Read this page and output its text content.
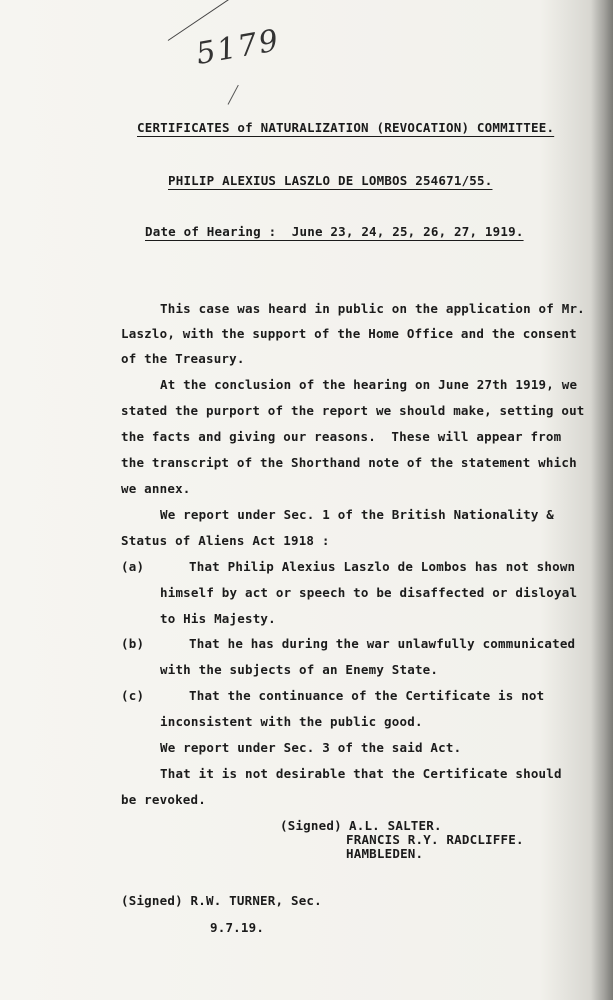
5179

CERTIFICATES of NATURALIZATION (REVOCATION) COMMITTEE.

PHILIP ALEXIUS LASZLO DE LOMBOS 254671/55.

Date of Hearing :  June 23, 24, 25, 26, 27, 1919.

This case was heard in public on the application of Mr.

Laszlo, with the support of the Home Office and the consent

of the Treasury.

At the conclusion of the hearing on June 27th 1919, we

stated the purport of the report we should make, setting out

the facts and giving our reasons.  These will appear from

the transcript of the Shorthand note of the statement which

we annex.

We report under Sec. 1 of the British Nationality &

Status of Aliens Act 1918 :

(a)	That Philip Alexius Laszlo de Lombos has not shown

himself by act or speech to be disaffected or disloyal

to His Majesty.

(b)	That he has during the war unlawfully communicated

with the subjects of an Enemy State.

(c)	That the continuance of the Certificate is not

inconsistent with the public good.

We report under Sec. 3 of the said Act.

That it is not desirable that the Certificate should

be revoked.

(Signed) A.L. SALTER.

FRANCIS R.Y. RADCLIFFE.

HAMBLEDEN.

(Signed) R.W. TURNER, Sec.

9.7.19.
